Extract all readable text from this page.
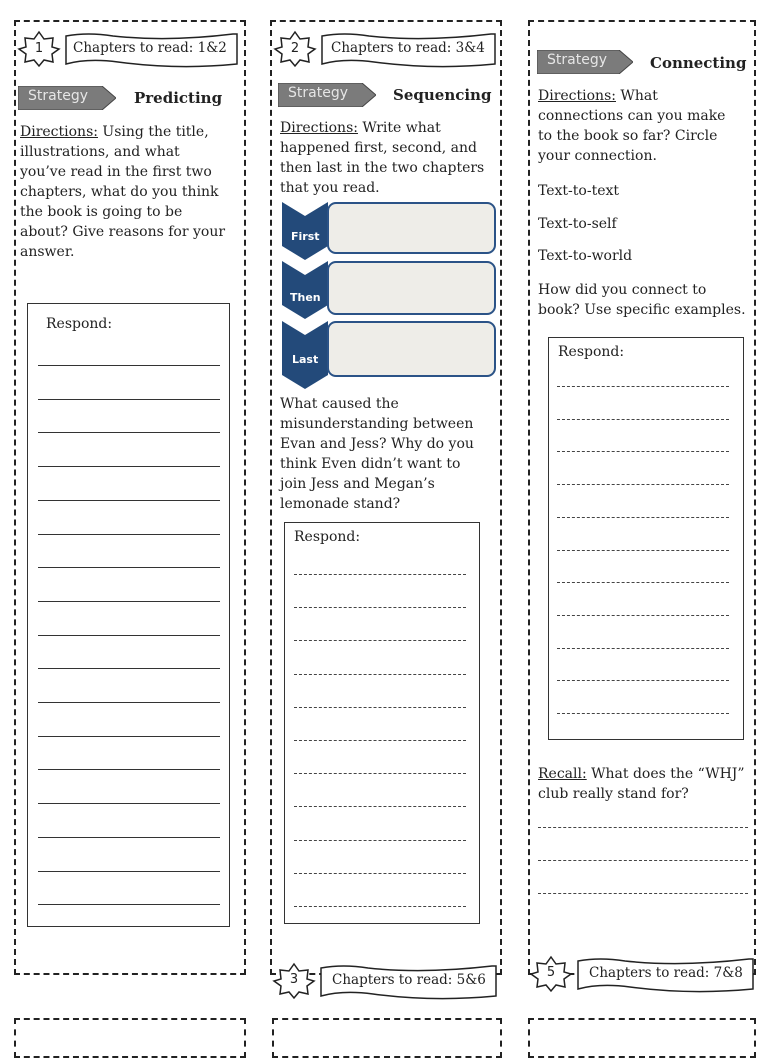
1	Chapters to read: 1&2
Strategy	Predicting
Directions: Using the title,
illustrations, and what
you’ve read in the first two
chapters, what do you think
the book is going to be
about? Give reasons for your
answer.
Respond:
2	Chapters to read: 3&4
Strategy	Sequencing
Directions: Write what
happened first, second, and
then last in the two chapters
that you read.
First
Then
Last
What caused the
misunderstanding between
Evan and Jess? Why do you
think Even didn’t want to
join Jess and Megan’s
lemonade stand?
Respond:
3	Chapters to read: 5&6
Strategy	Connecting
Directions: What
connections can you make
to the book so far? Circle
your connection.
Text-to-text
Text-to-self
Text-to-world
How did you connect to
book? Use specific examples.
Respond:
Recall: What does the “WHJ”
club really stand for?
5	Chapters to read: 7&8
